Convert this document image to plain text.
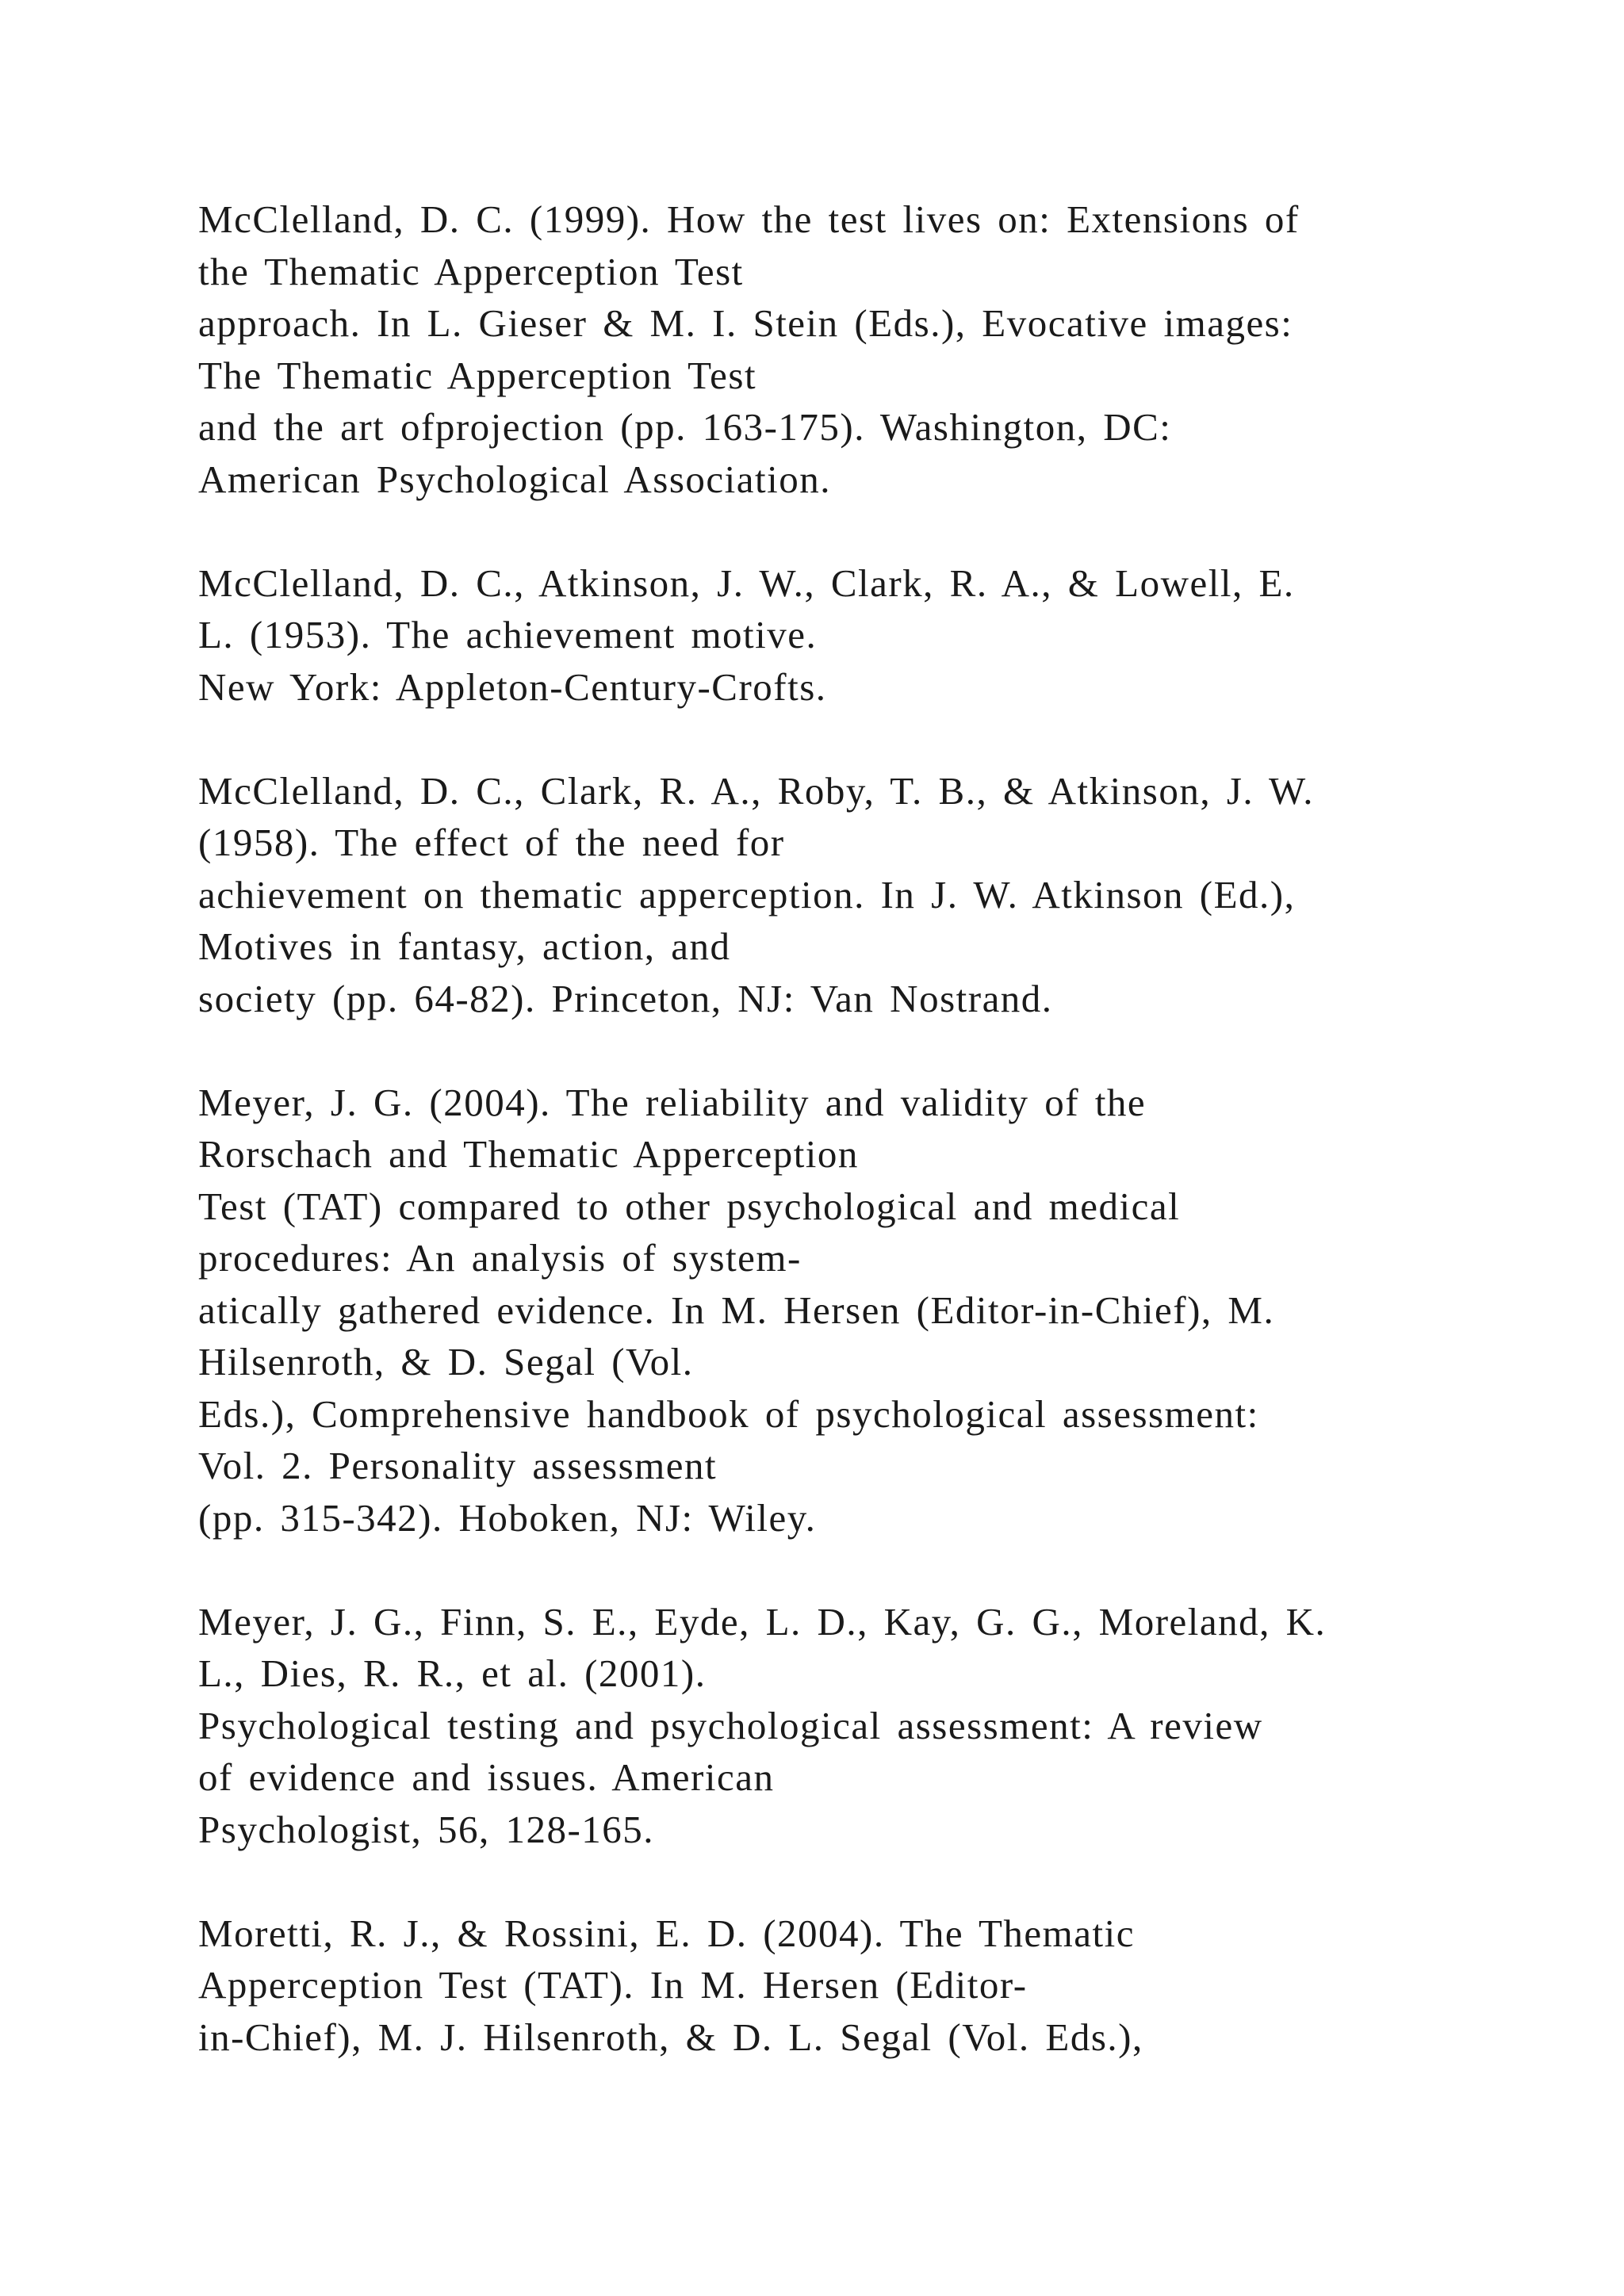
McClelland, D. C. (1999). How the test lives on: Extensions of
the Thematic Apperception Test
approach. In L. Gieser & M. I. Stein (Eds.), Evocative images:
The Thematic Apperception Test
and the art ofprojection (pp. 163-175). Washington, DC:
American Psychological Association.
McClelland, D. C., Atkinson, J. W., Clark, R. A., & Lowell, E.
L. (1953). The achievement motive.
New York: Appleton-Century-Crofts.
McClelland, D. C., Clark, R. A., Roby, T. B., & Atkinson, J. W.
(1958). The effect of the need for
achievement on thematic apperception. In J. W. Atkinson (Ed.),
Motives in fantasy, action, and
society (pp. 64-82). Princeton, NJ: Van Nostrand.
Meyer, J. G. (2004). The reliability and validity of the
Rorschach and Thematic Apperception
Test (TAT) compared to other psychological and medical
procedures: An analysis of system-
atically gathered evidence. In M. Hersen (Editor-in-Chief), M.
Hilsenroth, & D. Segal (Vol.
Eds.), Comprehensive handbook of psychological assessment:
Vol. 2. Personality assessment
(pp. 315-342). Hoboken, NJ: Wiley.
Meyer, J. G., Finn, S. E., Eyde, L. D., Kay, G. G., Moreland, K.
L., Dies, R. R., et al. (2001).
Psychological testing and psychological assessment: A review
of evidence and issues. American
Psychologist, 56, 128-165.
Moretti, R. J., & Rossini, E. D. (2004). The Thematic
Apperception Test (TAT). In M. Hersen (Editor-
in-Chief), M. J. Hilsenroth, & D. L. Segal (Vol. Eds.),
